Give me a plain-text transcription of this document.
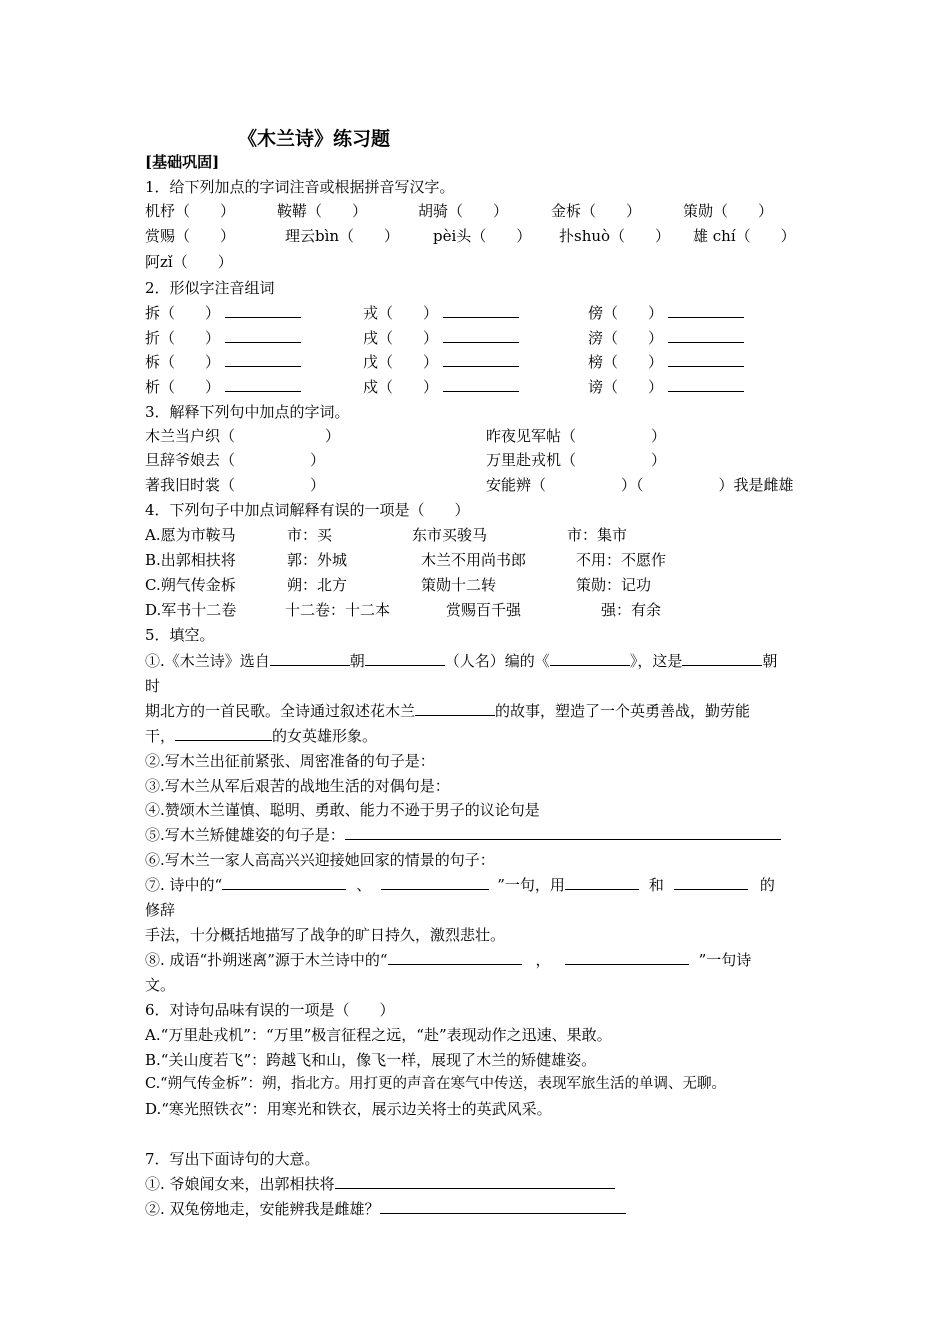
《木兰诗》练习题
[基础巩固]
1．给下列加点的字词注音或根据拼音写汉字。
机杼（　　）	鞍鞯（　　）	胡骑（　　）	金柝（　　）	策勋（　　）
赏赐（　　）	理云bìn（　　） pèi头（　　） 扑shuò（　　） 雄 chí（　　）
阿zǐ（　　）
2．形似字注音组词
拆（　　）	戎（　　）	傍（　　）
折（　　）	戌（　　）	滂（　　）
柝（　　）	戊（　　）	榜（　　）
析（　　）	戍（　　）	谤（　　）
3．解释下列句中加点的字词。
木兰当户织（　　　　　　）	昨夜见军帖（　　　　　）
旦辞爷娘去（　　　　　）	万里赴戎机（　　　　　）
著我旧时裳（　　　　　）	安能辨（　　　　　）（　　　　　）我是雌雄
4．下列句子中加点词解释有误的一项是（　　）
A.愿为市鞍马	市：买	东市买骏马	市：集市
B.出郭相扶将	郭：外城	木兰不用尚书郎	不用：不愿作
C.朔气传金柝	朔：北方	策勋十二转	策勋：记功
D.军书十二卷	十二卷：十二本	赏赐百千强	强：有余
5．填空。
①.《木兰诗》选自	朝	（人名）编的《	》，这是	朝
时
期北方的一首民歌。全诗通过叙述花木兰	的故事，塑造了一个英勇善战，勤劳能
干，	的女英雄形象。
②.写木兰出征前紧张、周密准备的句子是：
③.写木兰从军后艰苦的战地生活的对偶句是：
④.赞颂木兰谨慎、聪明、勇敢、能力不逊于男子的议论句是
⑤.写木兰矫健雄姿的句子是：
⑥.写木兰一家人高高兴兴迎接她回家的情景的句子：
⑦. 诗中的“	、	”一句，用	和	的
修辞
手法，十分概括地描写了战争的旷日持久，激烈悲壮。
⑧. 成语“扑朔迷离”源于木兰诗中的“	，	”一句诗
文。
6．对诗句品味有误的一项是（　　）
A.“万里赴戎机”：“万里”极言征程之远，“赴”表现动作之迅速、果敢。
B.“关山度若飞”：跨越飞和山，像飞一样，展现了木兰的矫健雄姿。
C.“朔气传金柝”：朔，指北方。用打更的声音在寒气中传送，表现军旅生活的单调、无聊。
D.“寒光照铁衣”：用寒光和铁衣，展示边关将士的英武风采。
7．写出下面诗句的大意。
①. 爷娘闻女来，出郭相扶将
②. 双兔傍地走，安能辨我是雌雄？
